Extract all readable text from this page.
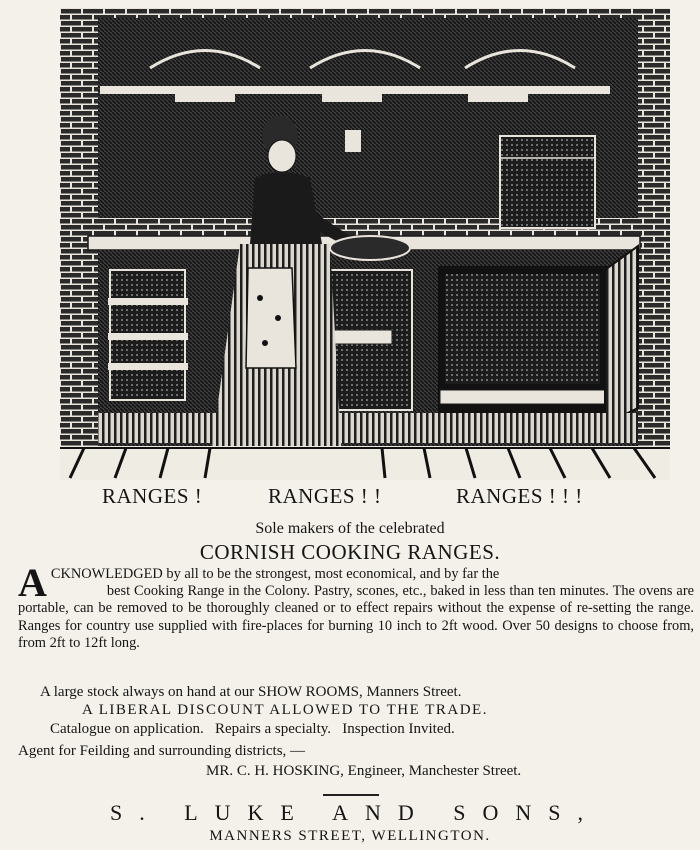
RANGES !	RANGES ! !	RANGES ! ! !
Sole makers of the celebrated
CORNISH COOKING RANGES.
ACKNOWLEDGED by all to be the strongest, most economical, and by far the
best Cooking Range in the Colony. Pastry, scones, etc., baked in less than ten minutes. The ovens are portable, can be removed to be thoroughly cleaned or to effect repairs without the expense of re-setting the range. Ranges for country use supplied with fire-places for burning 10 inch to 2ft wood. Over 50 designs to choose from, from 2ft to 12ft long.
A large stock always on hand at our SHOW ROOMS, Manners Street.
A LIBERAL DISCOUNT ALLOWED TO THE TRADE.
Catalogue on application.   Repairs a specialty.   Inspection Invited.
Agent for Feilding and surrounding districts, —
MR. C. H. HOSKING, Engineer, Manchester Street.
S. LUKE AND SONS,
MANNERS STREET, WELLINGTON.
